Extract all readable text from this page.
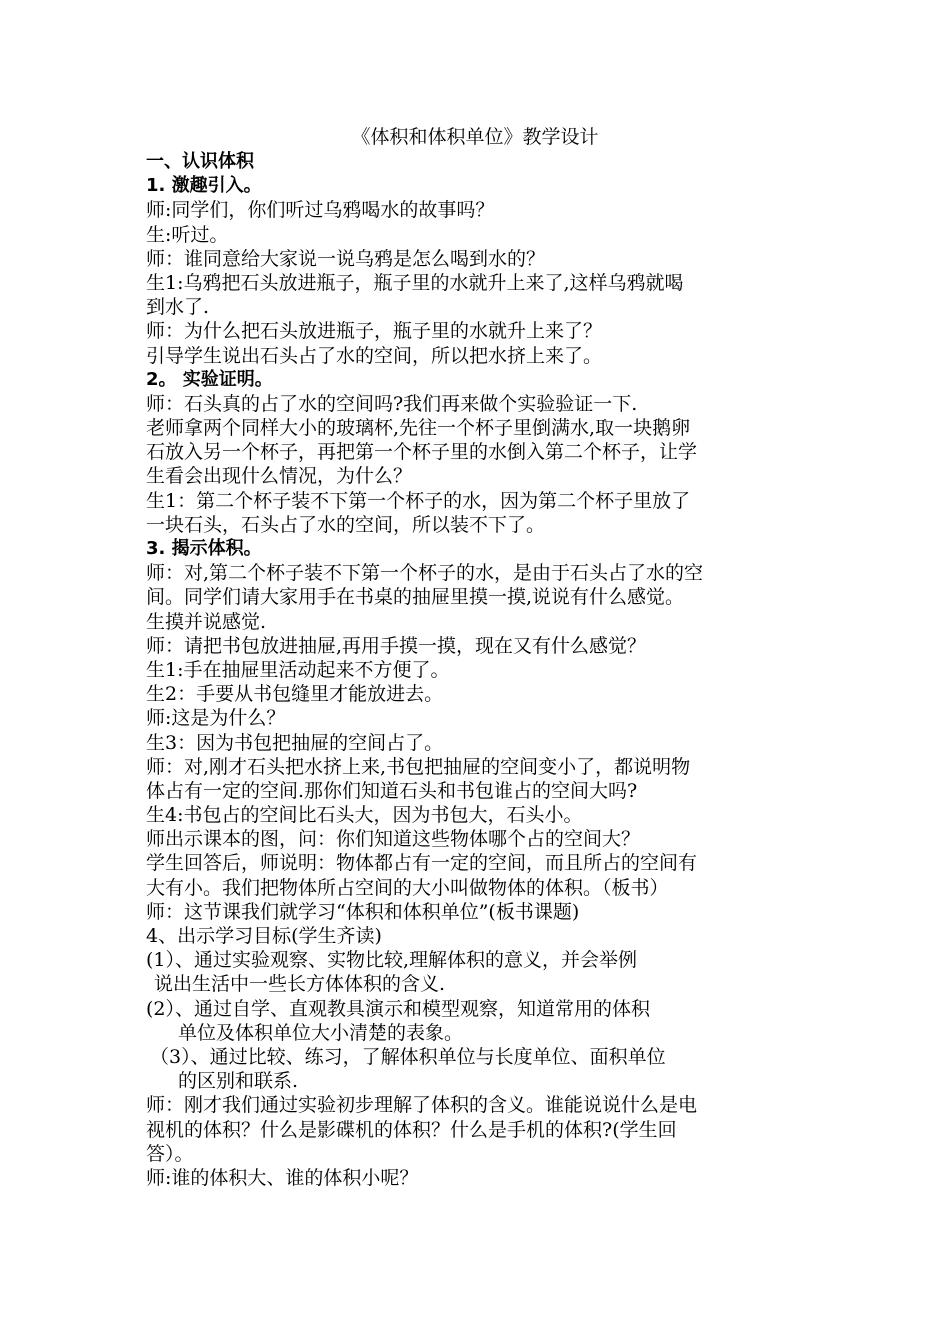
《体积和体积单位》教学设计
一、认识体积
1. 激趣引入。
师:同学们，你们听过乌鸦喝水的故事吗？
生:听过。
师：谁同意给大家说一说乌鸦是怎么喝到水的？
生1:乌鸦把石头放进瓶子，瓶子里的水就升上来了,这样乌鸦就喝
到水了.
师：为什么把石头放进瓶子，瓶子里的水就升上来了？
引导学生说出石头占了水的空间，所以把水挤上来了。
2。 实验证明。
师：石头真的占了水的空间吗?我们再来做个实验验证一下.
老师拿两个同样大小的玻璃杯,先往一个杯子里倒满水,取一块鹅卵
石放入另一个杯子，再把第一个杯子里的水倒入第二个杯子，让学
生看会出现什么情况，为什么？
生1：第二个杯子装不下第一个杯子的水，因为第二个杯子里放了
一块石头，石头占了水的空间，所以装不下了。
3. 揭示体积。
师：对,第二个杯子装不下第一个杯子的水，是由于石头占了水的空
间。同学们请大家用手在书桌的抽屉里摸一摸,说说有什么感觉。
生摸并说感觉.
师：请把书包放进抽屉,再用手摸一摸，现在又有什么感觉？
生1:手在抽屉里活动起来不方便了。
生2：手要从书包缝里才能放进去。
师:这是为什么？
生3：因为书包把抽屉的空间占了。
师：对,刚才石头把水挤上来,书包把抽屉的空间变小了，都说明物
体占有一定的空间.那你们知道石头和书包谁占的空间大吗?
生4:书包占的空间比石头大，因为书包大，石头小。
师出示课本的图，问：你们知道这些物体哪个占的空间大？
学生回答后，师说明：物体都占有一定的空间，而且所占的空间有
大有小。我们把物体所占空间的大小叫做物体的体积。（板书）
师：这节课我们就学习“体积和体积单位”(板书课题)
4、出示学习目标(学生齐读)
(1）、通过实验观察、实物比较,理解体积的意义，并会举例
说出生活中一些长方体体积的含义.
(2）、通过自学、直观教具演示和模型观察，知道常用的体积
单位及体积单位大小清楚的表象。
（3）、通过比较、练习，了解体积单位与长度单位、面积单位
的区别和联系.
师：刚才我们通过实验初步理解了体积的含义。谁能说说什么是电
视机的体积？什么是影碟机的体积？什么是手机的体积?(学生回
答）。
师:谁的体积大、谁的体积小呢？
